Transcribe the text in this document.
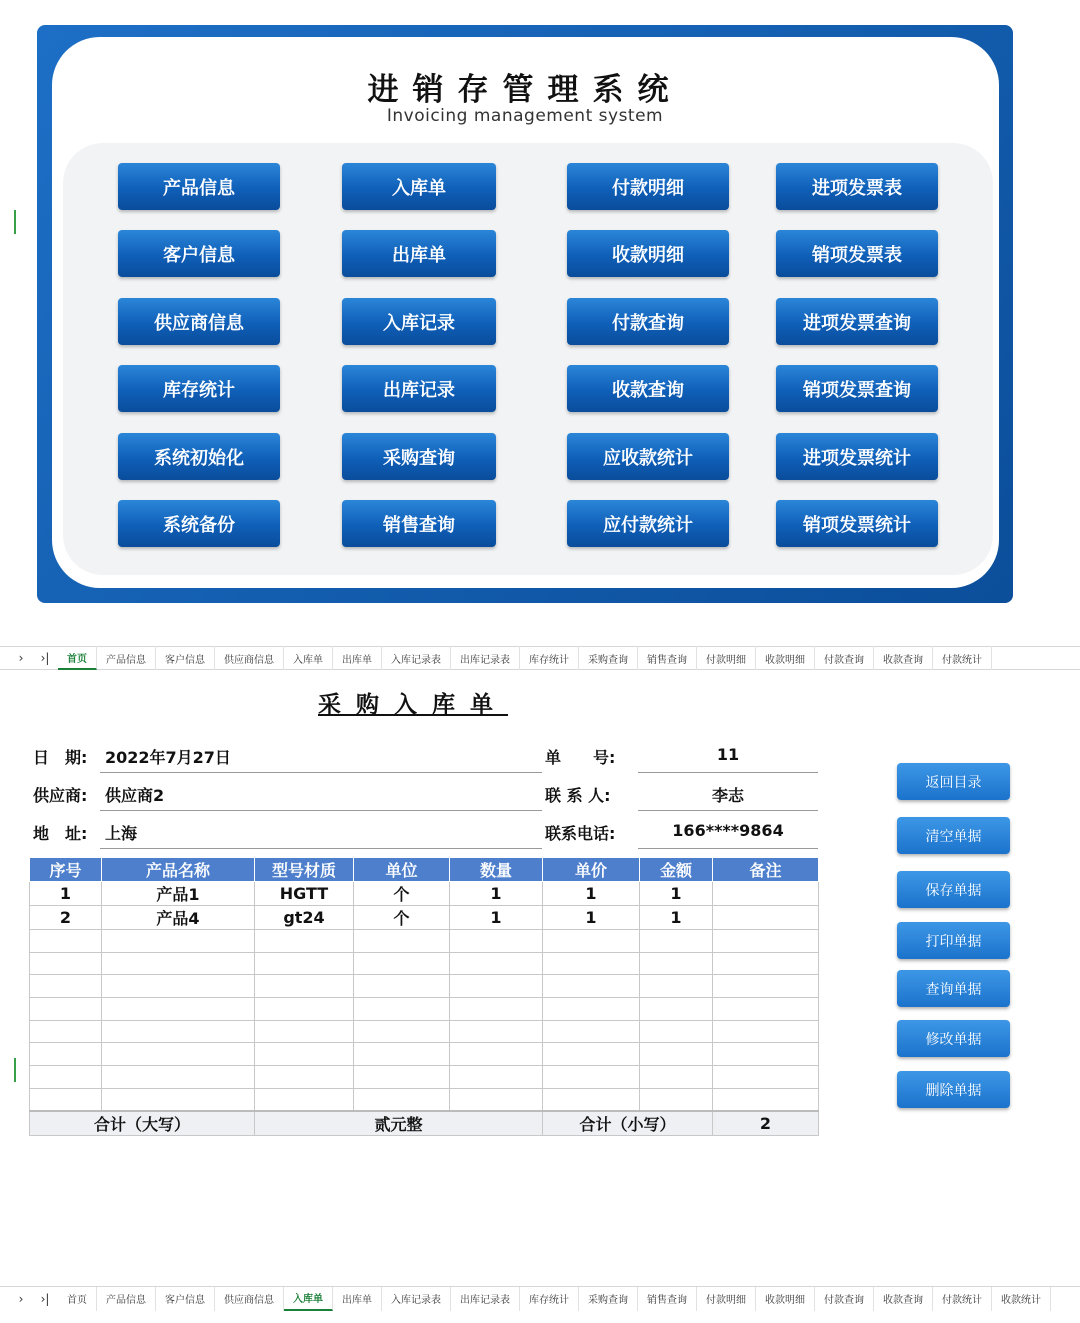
进销存管理系统
Invoicing management system
产品信息
客户信息
供应商信息
库存统计
系统初始化
系统备份
入库单
出库单
入库记录
出库记录
采购查询
销售查询
付款明细
收款明细
付款查询
收款查询
应收款统计
应付款统计
进项发票表
销项发票表
进项发票查询
销项发票查询
进项发票统计
销项发票统计
› ›|	首页	产品信息	客户信息	供应商信息	入库单	出库单	入库记录表	出库记录表	库存统计	采购查询	销售查询	付款明细	收款明细	付款查询	收款查询	付款统计
采购入库单
日　期: 2022年7月27日	单　　号:	11
供应商: 供应商2	联 系 人:	李志
地　址: 上海	联系电话:	166****9864
序号	产品名称	型号材质	单位	数量	单价	金额	备注
1	产品1	HGTT	个	1	1	1	
2	产品4	gt24	个	1	1	1	

合计（大写）		贰元整			合计（小写）		2
返回目录
清空单据
保存单据
打印单据
查询单据
修改单据
删除单据
› ›|	首页	产品信息	客户信息	供应商信息	入库单	出库单	入库记录表	出库记录表	库存统计	采购查询	销售查询	付款明细	收款明细	付款查询	收款查询	付款统计	收款统计
